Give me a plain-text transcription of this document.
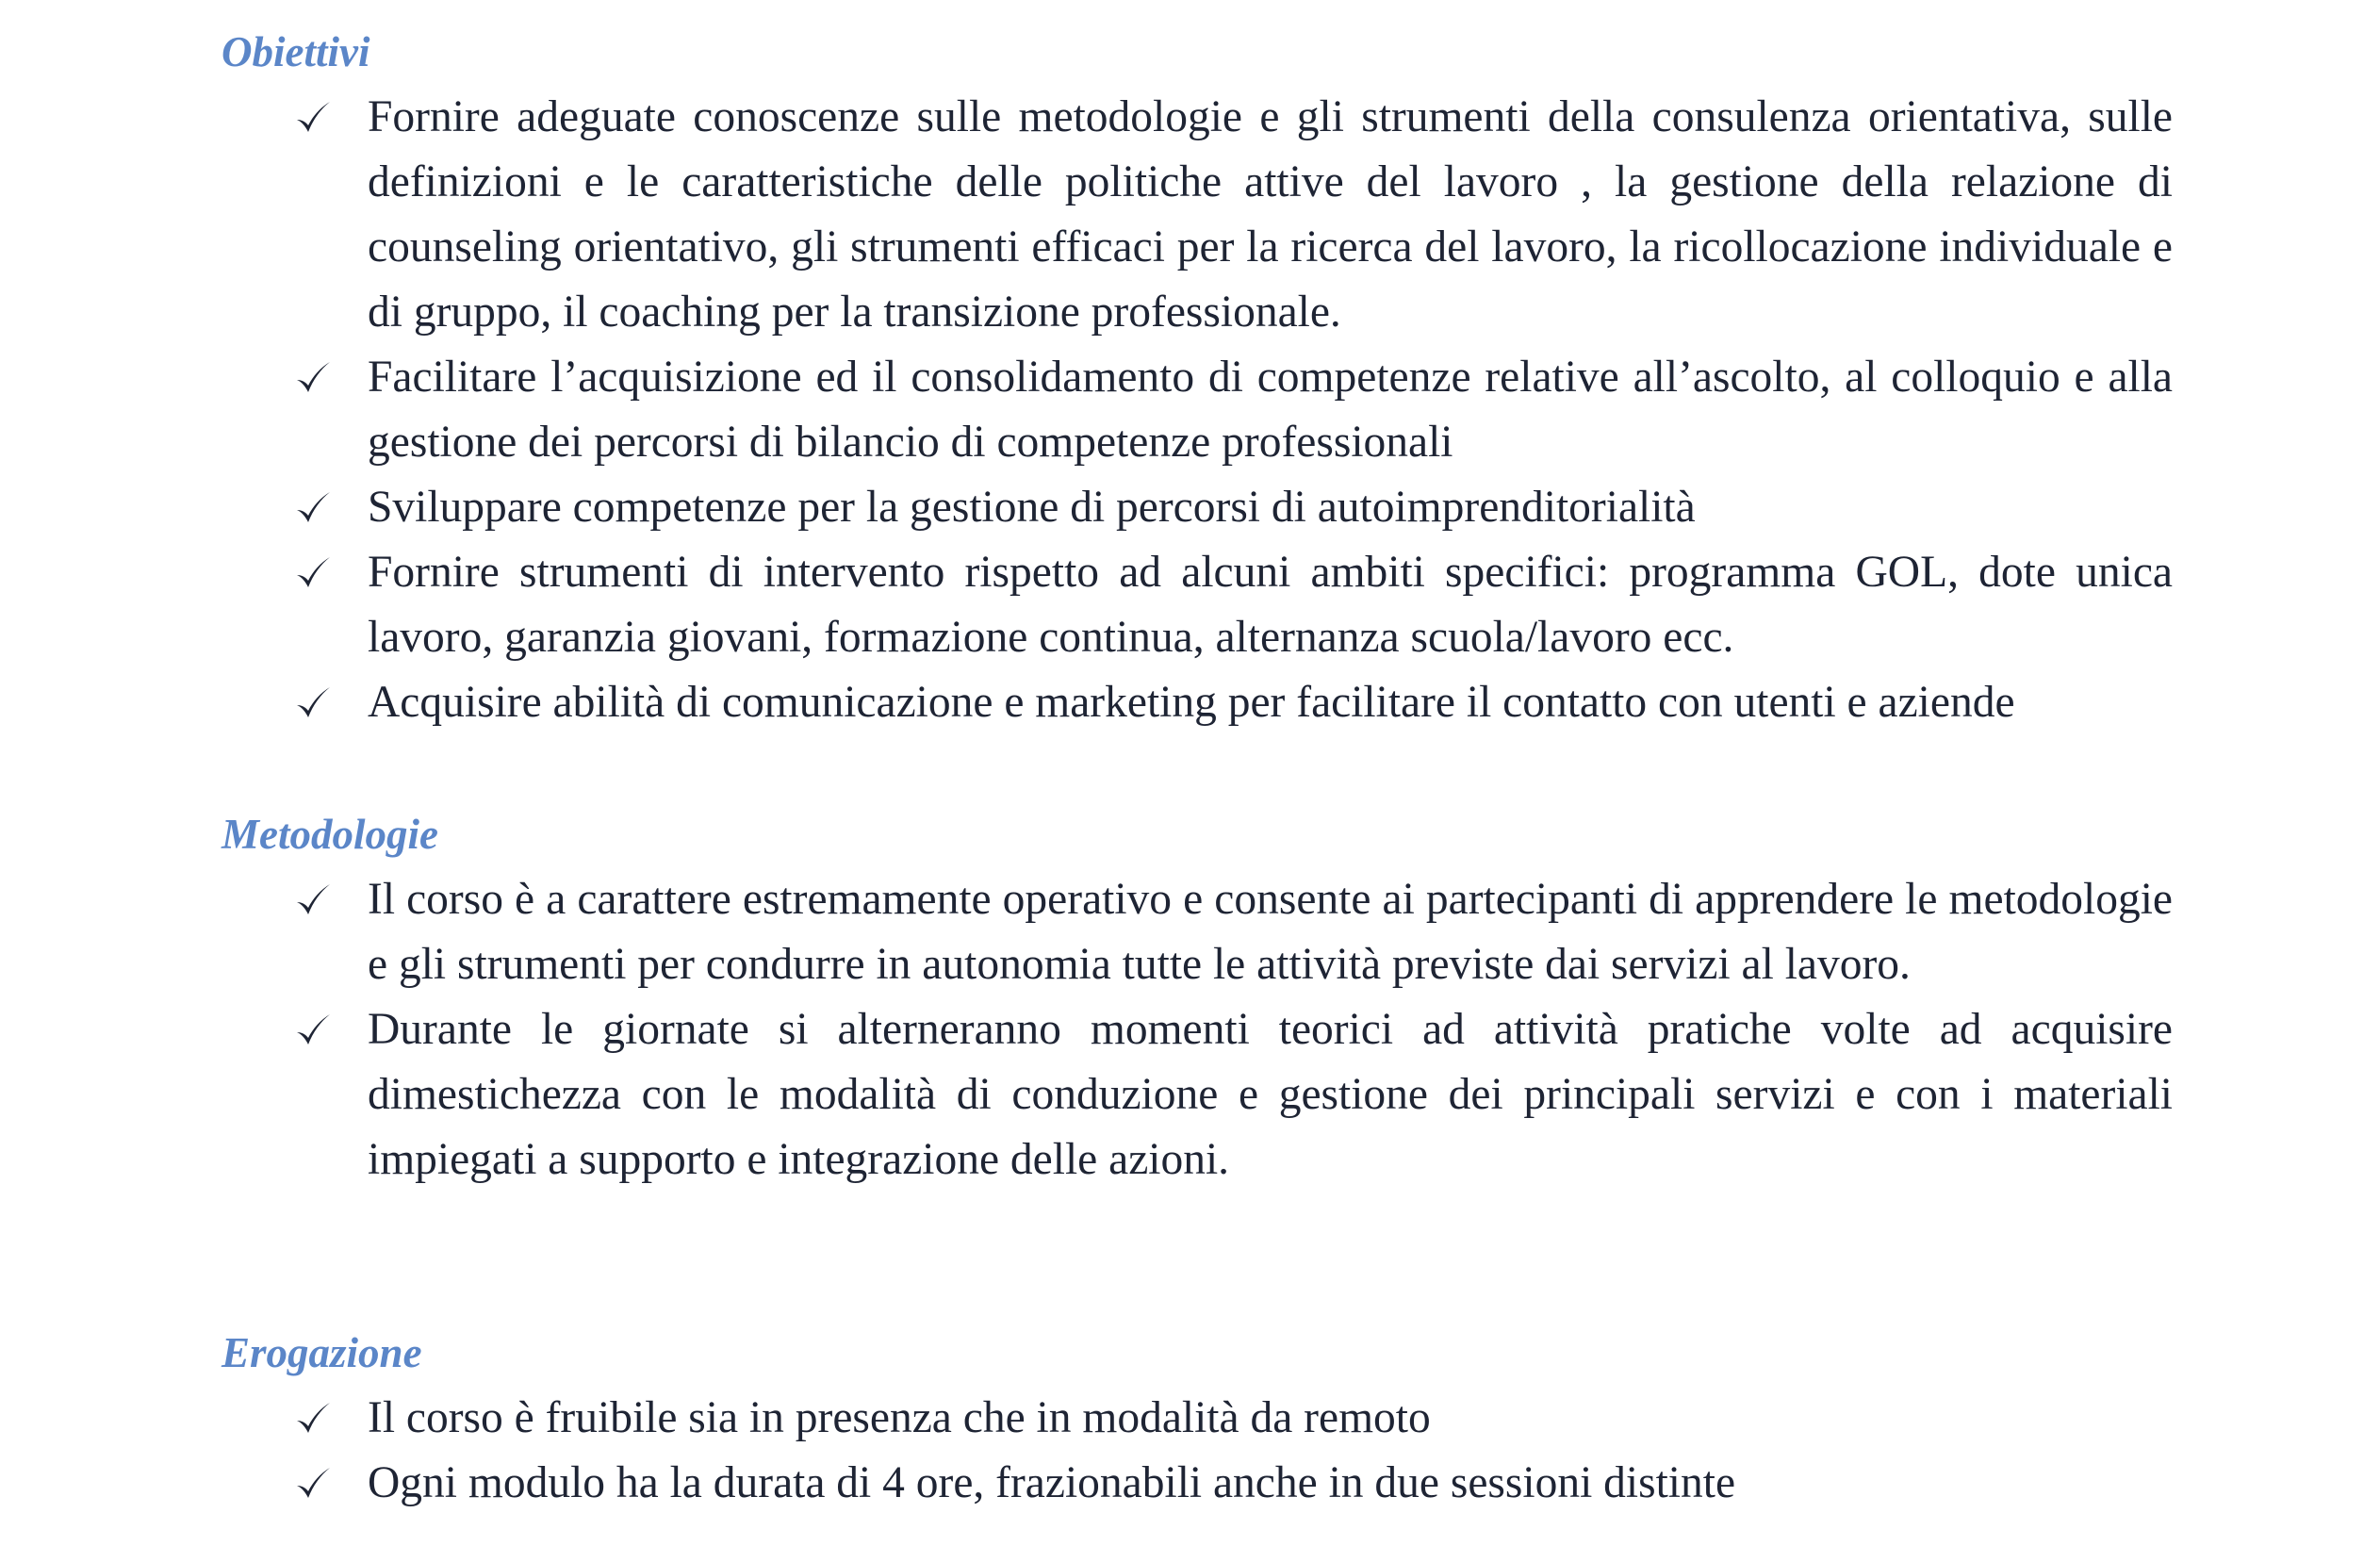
Obiettivi
Fornire adeguate conoscenze sulle metodologie e gli strumenti della consulenza orientativa, sulle definizioni e le caratteristiche delle politiche attive del lavoro , la gestione della relazione di counseling orientativo, gli strumenti efficaci per la ricerca del lavoro, la ricollocazione individuale e di gruppo, il coaching per la transizione professionale.
Facilitare l’acquisizione ed il consolidamento di competenze relative all’ascolto, al colloquio e alla gestione dei percorsi di bilancio di competenze professionali
Sviluppare competenze per la gestione di percorsi di autoimprenditorialità
Fornire strumenti di intervento rispetto ad alcuni ambiti specifici: programma GOL, dote unica lavoro, garanzia giovani, formazione continua, alternanza scuola/lavoro ecc.
Acquisire abilità di comunicazione e marketing per facilitare il contatto con utenti e aziende
Metodologie
Il corso è a carattere estremamente operativo e consente ai partecipanti di apprendere le metodologie e gli strumenti per condurre in autonomia tutte le attività previste dai servizi al lavoro.
Durante le giornate si alterneranno momenti teorici ad attività pratiche volte ad acquisire dimestichezza con le modalità di conduzione e gestione dei principali servizi e con i materiali impiegati a supporto e integrazione delle azioni.
Erogazione
Il corso è fruibile sia in presenza che in modalità da remoto
Ogni modulo ha la durata di 4 ore, frazionabili anche in due sessioni distinte
